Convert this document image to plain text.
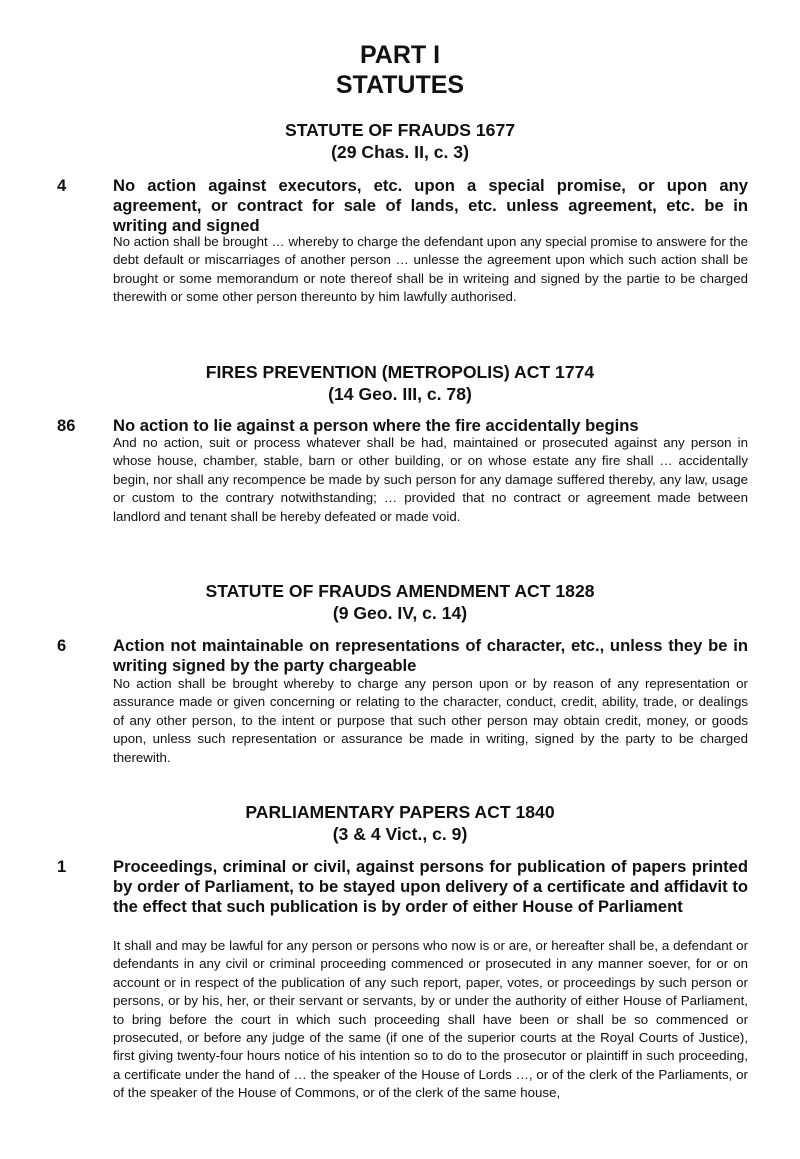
PART I
STATUTES
STATUTE OF FRAUDS 1677
(29 Chas. II, c. 3)
4	No action against executors, etc. upon a special promise, or upon any agreement, or contract for sale of lands, etc. unless agreement, etc. be in writing and signed
No action shall be brought … whereby to charge the defendant upon any special promise to answere for the debt default or miscarriages of another person … unlesse the agreement upon which such action shall be brought or some memorandum or note thereof shall be in writeing and signed by the partie to be charged therewith or some other person thereunto by him lawfully authorised.
FIRES PREVENTION (METROPOLIS) ACT 1774
(14 Geo. III, c. 78)
86 No action to lie against a person where the fire accidentally begins
And no action, suit or process whatever shall be had, maintained or prosecuted against any person in whose house, chamber, stable, barn or other building, or on whose estate any fire shall … accidentally begin, nor shall any recompence be made by such person for any damage suffered thereby, any law, usage or custom to the contrary notwithstanding; … provided that no contract or agreement made between landlord and tenant shall be hereby defeated or made void.
STATUTE OF FRAUDS AMENDMENT ACT 1828
(9 Geo. IV, c. 14)
6	Action not maintainable on representations of character, etc., unless they be in writing signed by the party chargeable
No action shall be brought whereby to charge any person upon or by reason of any representation or assurance made or given concerning or relating to the character, conduct, credit, ability, trade, or dealings of any other person, to the intent or purpose that such other person may obtain credit, money, or goods upon, unless such representation or assurance be made in writing, signed by the party to be charged therewith.
PARLIAMENTARY PAPERS ACT 1840
(3 & 4 Vict., c. 9)
1	Proceedings, criminal or civil, against persons for publication of papers printed by order of Parliament, to be stayed upon delivery of a certificate and affidavit to the effect that such publication is by order of either House of Parliament
It shall and may be lawful for any person or persons who now is or are, or hereafter shall be, a defendant or defendants in any civil or criminal proceeding commenced or prosecuted in any manner soever, for or on account or in respect of the publication of any such report, paper, votes, or proceedings by such person or persons, or by his, her, or their servant or servants, by or under the authority of either House of Parliament, to bring before the court in which such proceeding shall have been or shall be so commenced or prosecuted, or before any judge of the same (if one of the superior courts at the Royal Courts of Justice), first giving twenty-four hours notice of his intention so to do to the prosecutor or plaintiff in such proceeding, a certificate under the hand of … the speaker of the House of Lords …, or of the clerk of the Parliaments, or of the speaker of the House of Commons, or of the clerk of the same house,
